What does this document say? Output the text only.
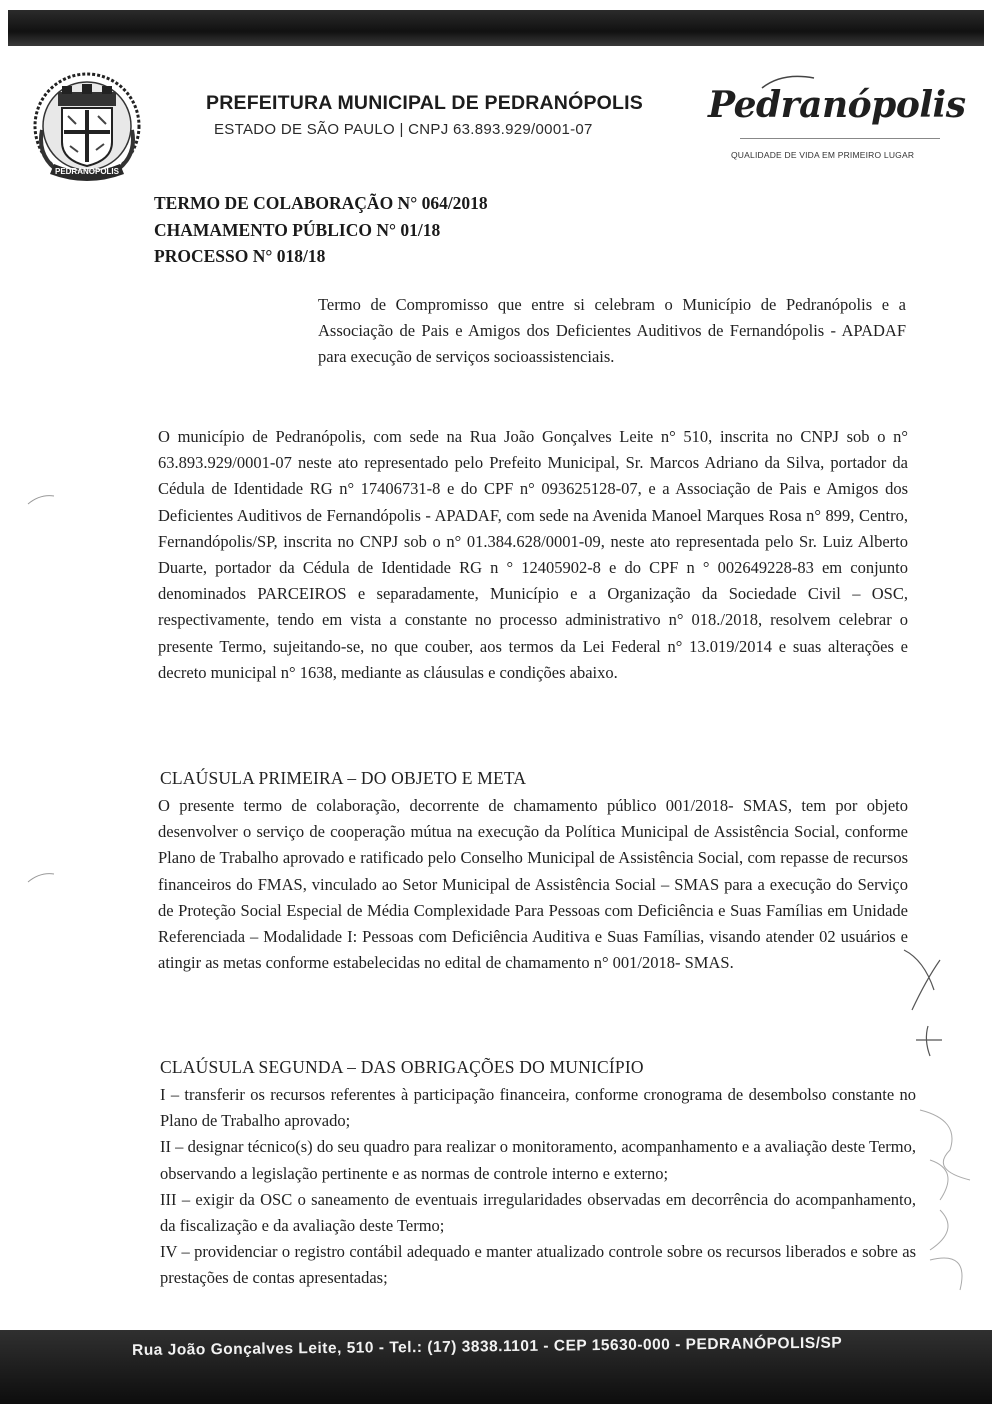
PEDRANÓPOLIS
PREFEITURA MUNICIPAL DE PEDRANÓPOLIS
ESTADO DE SÃO PAULO | CNPJ 63.893.929/0001-07
Pedranópolis
QUALIDADE DE VIDA EM PRIMEIRO LUGAR
TERMO DE COLABORAÇÃO N° 064/2018
CHAMAMENTO PÚBLICO N° 01/18
PROCESSO N° 018/18
Termo de Compromisso que entre si celebram o Município de Pedranópolis e a Associação de Pais e Amigos dos Deficientes Auditivos de Fernandópolis - APADAF para execução de serviços socioassistenciais.
O município de Pedranópolis, com sede na Rua João Gonçalves Leite n° 510, inscrita no CNPJ sob o n° 63.893.929/0001-07 neste ato representado pelo Prefeito Municipal, Sr. Marcos Adriano da Silva, portador da Cédula de Identidade RG n° 17406731-8 e do CPF n° 093625128-07, e a Associação de Pais e Amigos dos Deficientes Auditivos de Fernandópolis - APADAF, com sede na Avenida Manoel Marques Rosa n° 899, Centro, Fernandópolis/SP, inscrita no CNPJ sob o n° 01.384.628/0001-09, neste ato representada pelo Sr. Luiz Alberto Duarte, portador da Cédula de Identidade RG n ° 12405902-8 e do CPF n ° 002649228-83 em conjunto denominados PARCEIROS e separadamente, Município e a Organização da Sociedade Civil – OSC, respectivamente, tendo em vista a constante no processo administrativo n° 018./2018, resolvem celebrar o presente Termo, sujeitando-se, no que couber, aos termos da Lei Federal n° 13.019/2014 e suas alterações e decreto municipal n° 1638, mediante as cláusulas e condições abaixo.
CLAÚSULA PRIMEIRA – DO OBJETO E META
O presente termo de colaboração, decorrente de chamamento público 001/2018- SMAS, tem por objeto desenvolver o serviço de cooperação mútua na execução da Política Municipal de Assistência Social, conforme Plano de Trabalho aprovado e ratificado pelo Conselho Municipal de Assistência Social, com repasse de recursos financeiros do FMAS, vinculado ao Setor Municipal de Assistência Social – SMAS para a execução do Serviço de Proteção Social Especial de Média Complexidade Para Pessoas com Deficiência e Suas Famílias em Unidade Referenciada – Modalidade I: Pessoas com Deficiência Auditiva e Suas Famílias, visando atender 02 usuários e atingir as metas conforme estabelecidas no edital de chamamento n° 001/2018- SMAS.
CLAÚSULA SEGUNDA – DAS OBRIGAÇÕES DO MUNICÍPIO
I – transferir os recursos referentes à participação financeira, conforme cronograma de desembolso constante no Plano de Trabalho aprovado;
II – designar técnico(s) do seu quadro para realizar o monitoramento, acompanhamento e a avaliação deste Termo, observando a legislação pertinente e as normas de controle interno e externo;
III – exigir da OSC o saneamento de eventuais irregularidades observadas em decorrência do acompanhamento, da fiscalização e da avaliação deste Termo;
IV – providenciar o registro contábil adequado e manter atualizado controle sobre os recursos liberados e sobre as prestações de contas apresentadas;
Rua João Gonçalves Leite, 510 - Tel.: (17) 3838.1101 - CEP 15630-000 - PEDRANÓPOLIS/SP
